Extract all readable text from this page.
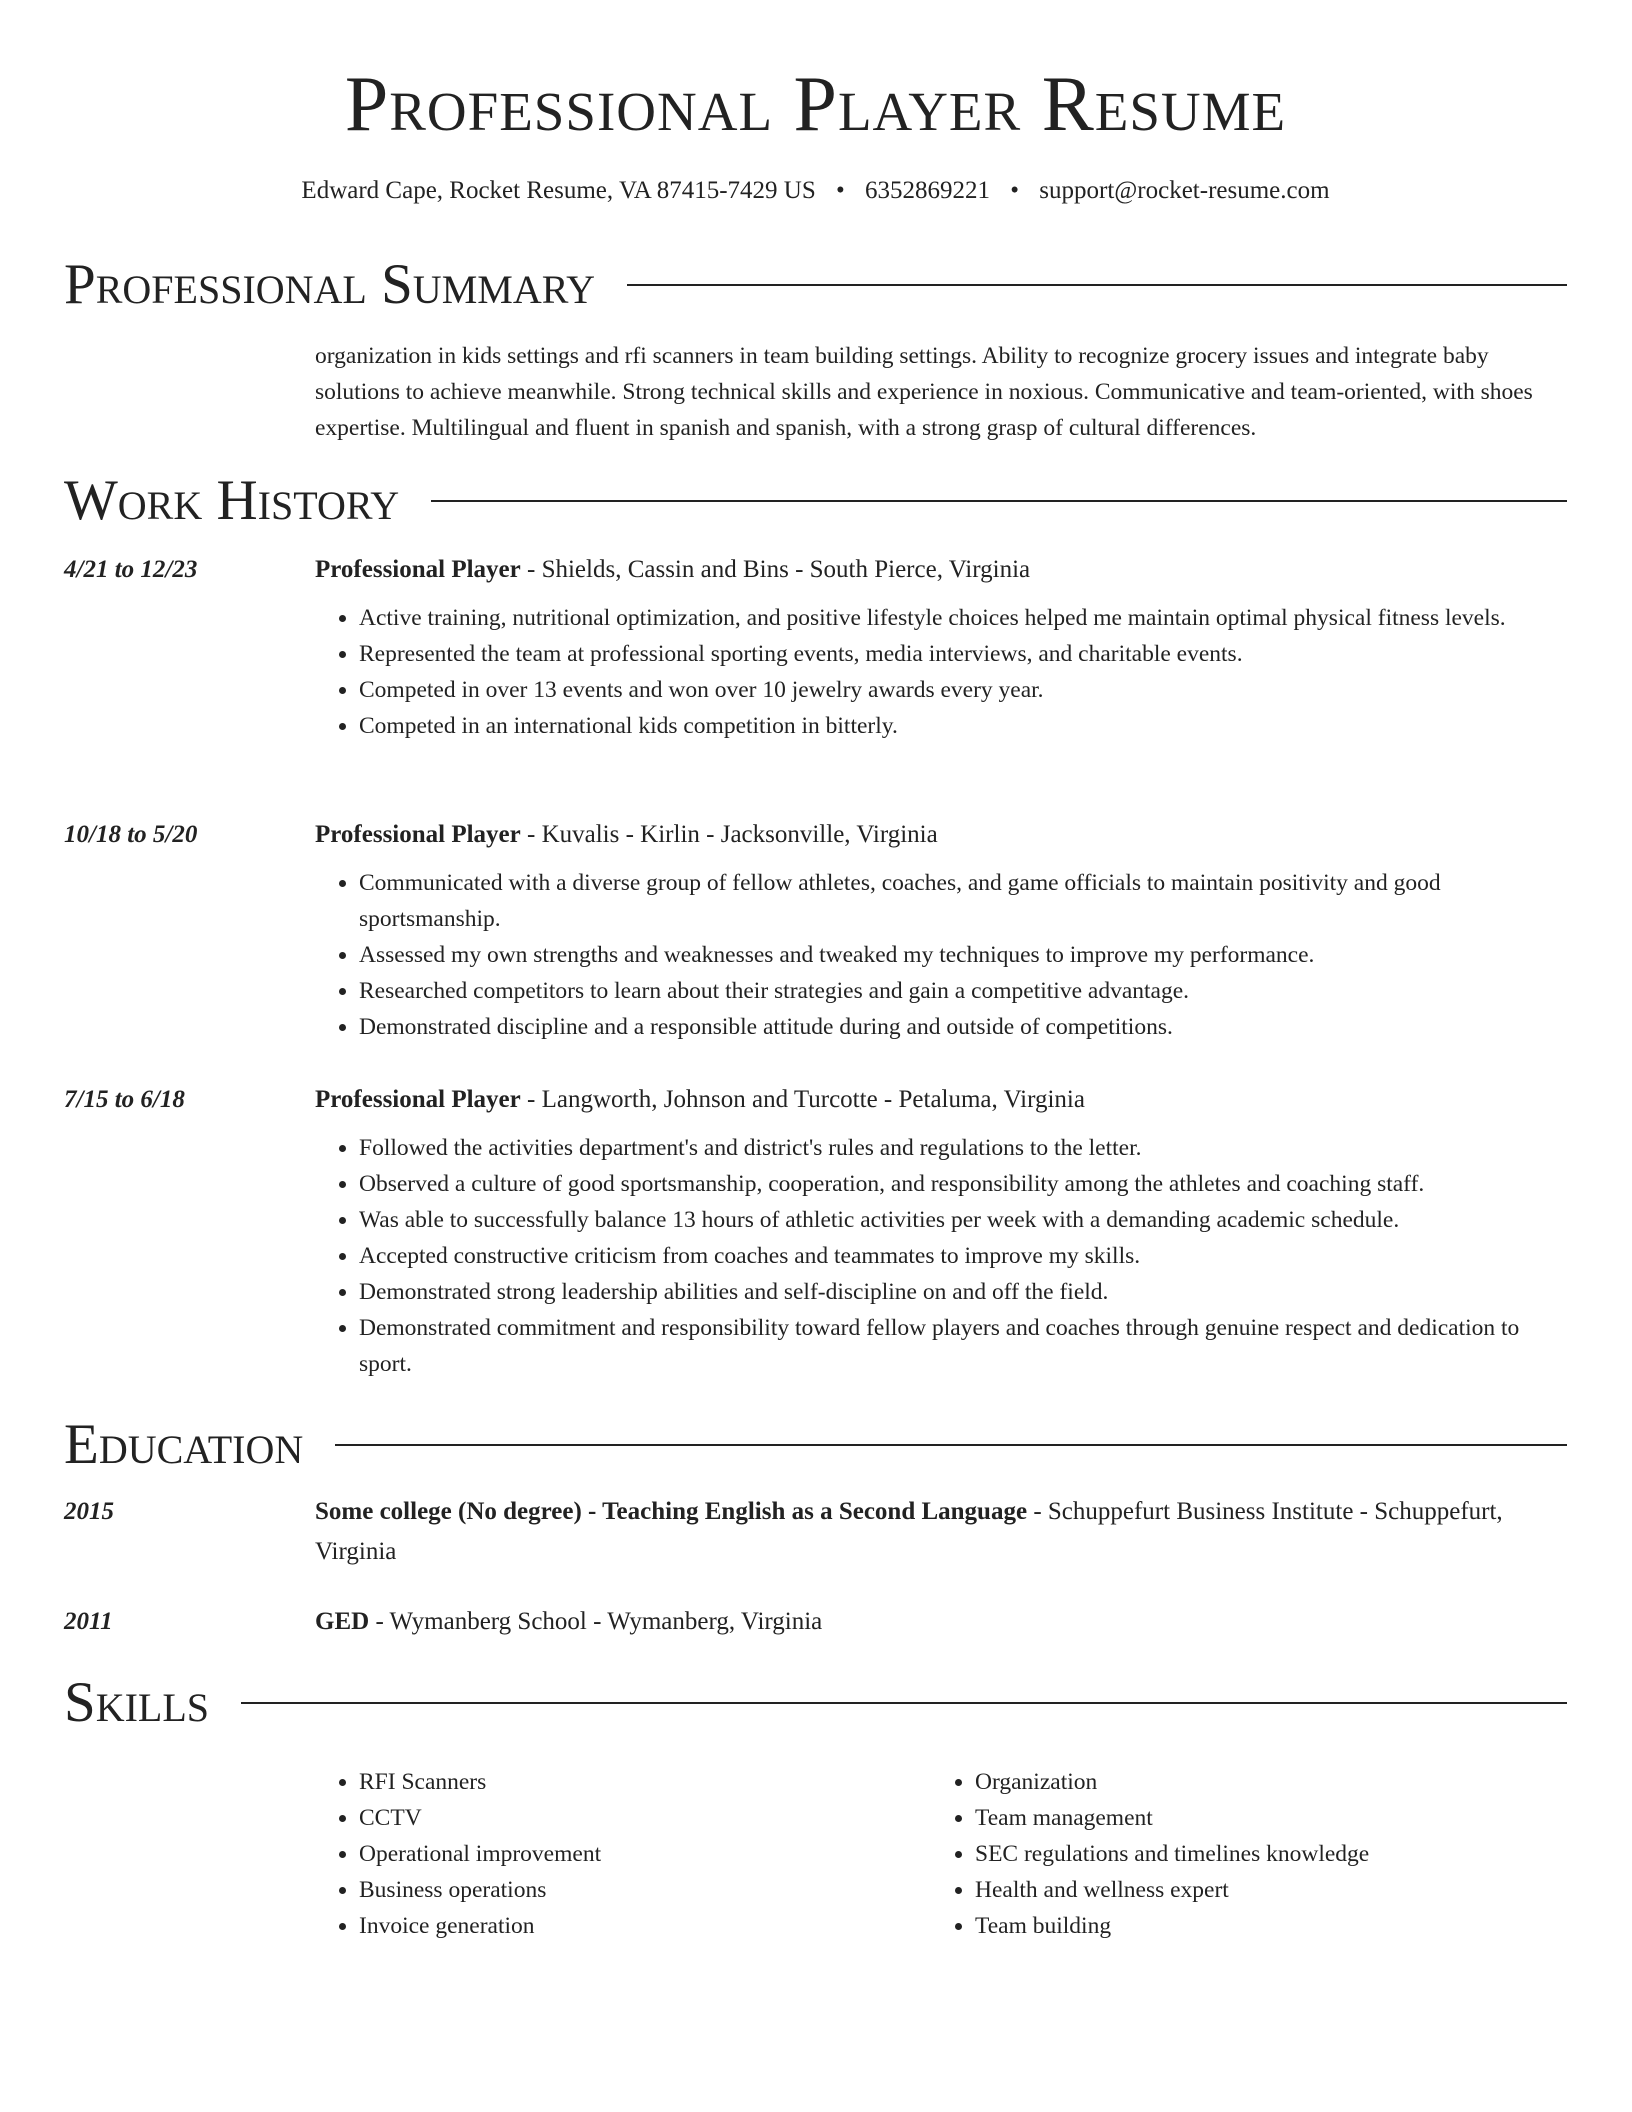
Professional Player Resume
Edward Cape, Rocket Resume, VA 87415-7429 US • 6352869221 • support@rocket-resume.com
Professional Summary

organization in kids settings and rfi scanners in team building settings. Ability to recognize grocery issues and integrate baby solutions to achieve meanwhile. Strong technical skills and experience in noxious. Communicative and team-oriented, with shoes expertise. Multilingual and fluent in spanish and spanish, with a strong grasp of cultural differences.

Work History
4/21 to 12/23	Professional Player - Shields, Cassin and Bins - South Pierce, Virginia

• Active training, nutritional optimization, and positive lifestyle choices helped me maintain optimal physical fitness levels.
• Represented the team at professional sporting events, media interviews, and charitable events.
• Competed in over 13 events and won over 10 jewelry awards every year.
• Competed in an international kids competition in bitterly.
10/18 to 5/20	Professional Player - Kuvalis - Kirlin - Jacksonville, Virginia

• Communicated with a diverse group of fellow athletes, coaches, and game officials to maintain positivity and good sportsmanship.
• Assessed my own strengths and weaknesses and tweaked my techniques to improve my performance.
• Researched competitors to learn about their strategies and gain a competitive advantage.
• Demonstrated discipline and a responsible attitude during and outside of competitions.
7/15 to 6/18	Professional Player - Langworth, Johnson and Turcotte - Petaluma, Virginia

• Followed the activities department's and district's rules and regulations to the letter.
• Observed a culture of good sportsmanship, cooperation, and responsibility among the athletes and coaching staff.
• Was able to successfully balance 13 hours of athletic activities per week with a demanding academic schedule.
• Accepted constructive criticism from coaches and teammates to improve my skills.
• Demonstrated strong leadership abilities and self-discipline on and off the field.
• Demonstrated commitment and responsibility toward fellow players and coaches through genuine respect and dedication to sport.
Education
2015	Some college (No degree) - Teaching English as a Second Language - Schuppefurt Business Institute - Schuppefurt, Virginia

2011	GED - Wymanberg School - Wymanberg, Virginia

Skills
• RFI Scanners
• CCTV
• Operational improvement
• Business operations
• Invoice generation
• Organization
• Team management
• SEC regulations and timelines knowledge
• Health and wellness expert
• Team building
